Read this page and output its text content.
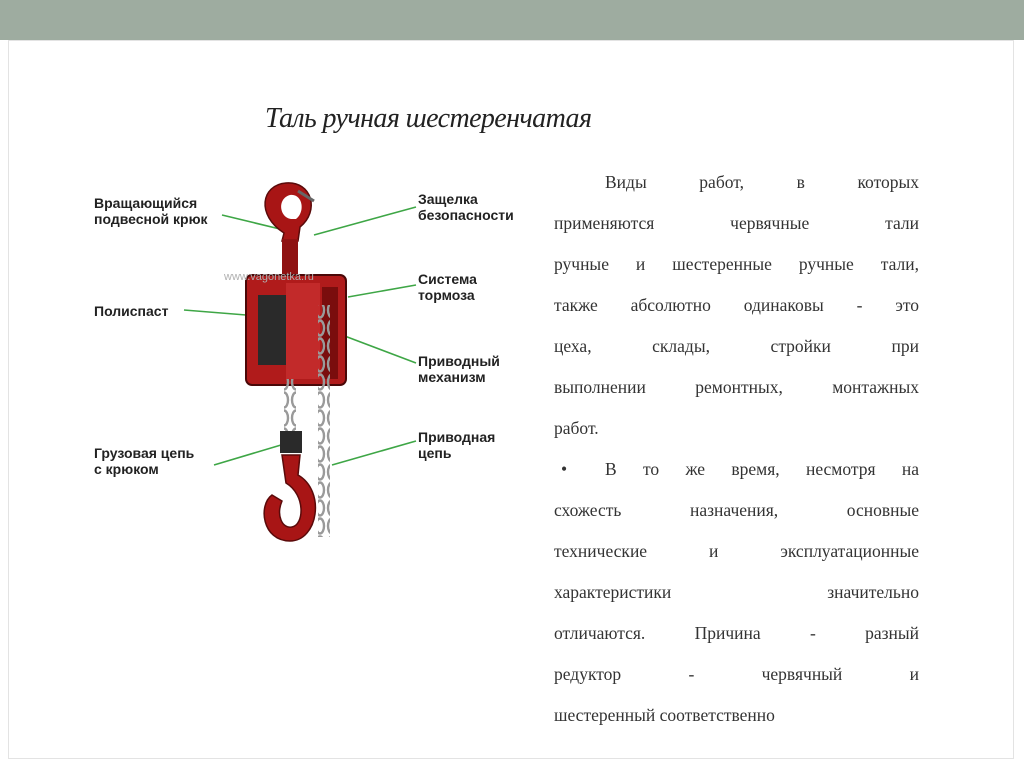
Таль ручная шестеренчатая
www.vagonetka.ru
Вращающийся
подвесной крюк
Защелка
безопасности
Полиспаст
Система
тормоза
Приводный
механизм
Грузовая цепь
с крюком
Приводная
цепь

Виды работ, в которых

применяются червячные тали

ручные и шестеренные ручные тали,

также абсолютно одинаковы - это

цеха, склады, стройки при

выполнении ремонтных, монтажных

работ.

• В то же время, несмотря на

схожесть назначения, основные

технические и эксплуатационные

характеристики значительно

отличаются. Причина - разный

редуктор - червячный и

шестеренный соответственно
